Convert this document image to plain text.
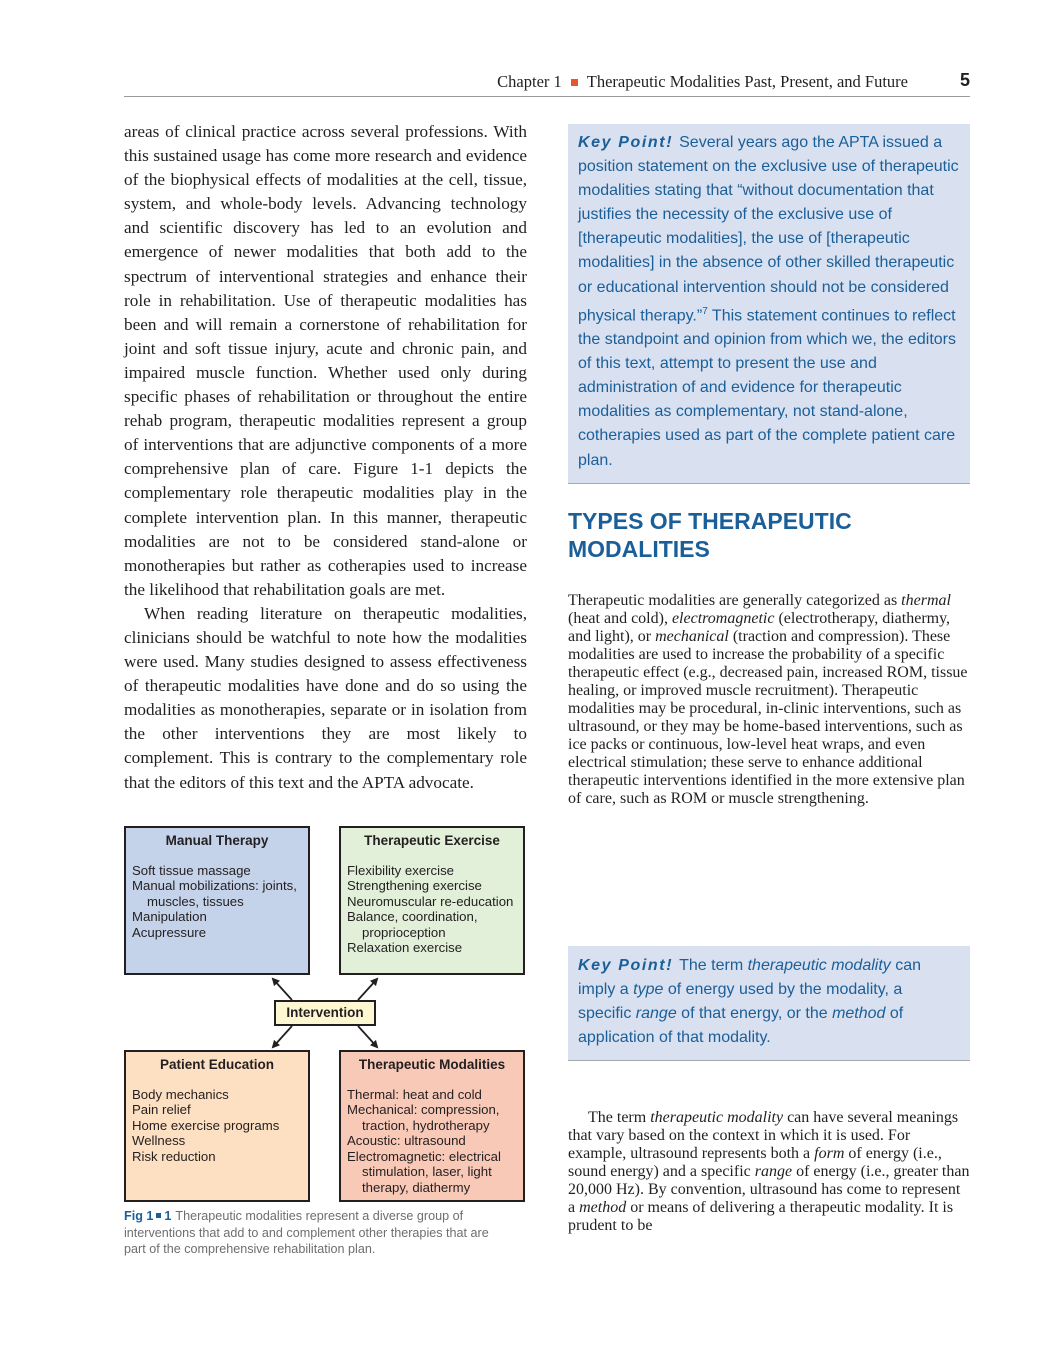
Chapter 1 Therapeutic Modalities Past, Present, and Future	5

areas of clinical practice across several professions. With this sustained usage has come more research and evidence of the biophysical effects of modalities at the cell, tissue, system, and whole-body levels. Advancing technology and scientific discovery has led to an evolution and emergence of newer modalities that both add to the spectrum of interventional strategies and enhance their role in rehabilitation. Use of therapeutic modalities has been and will remain a cornerstone of rehabilitation for joint and soft tissue injury, acute and chronic pain, and impaired muscle function. Whether used only during specific phases of rehabilitation or throughout the entire rehab program, therapeutic modalities represent a group of interventions that are adjunctive components of a more comprehensive plan of care. Figure 1-1 depicts the complementary role therapeutic modalities play in the complete intervention plan. In this manner, therapeutic modalities are not to be considered stand-alone or monotherapies but rather as cotherapies used to increase the likelihood that rehabilitation goals are met.

When reading literature on therapeutic modalities, clinicians should be watchful to note how the modalities were used. Many studies designed to assess effectiveness of therapeutic modalities have done and do so using the modalities as monotherapies, separate or in isolation from the other interventions they are most likely to complement. This is contrary to the complementary role that the editors of this text and the APTA advocate.

Manual Therapy
Soft tissue massage
Manual mobilizations: joints,
muscles, tissues
Manipulation
Acupressure
Therapeutic Exercise
Flexibility exercise
Strengthening exercise
Neuromuscular re-education
Balance, coordination,
proprioception
Relaxation exercise
Intervention
Patient Education
Body mechanics
Pain relief
Home exercise programs
Wellness
Risk reduction
Therapeutic Modalities
Thermal: heat and cold
Mechanical: compression,
traction, hydrotherapy
Acoustic: ultrasound
Electromagnetic: electrical
stimulation, laser, light
therapy, diathermy
Fig 1 1 Therapeutic modalities represent a diverse group of interventions that add to and complement other therapies that are part of the comprehensive rehabilitation plan.
Key Point! Several years ago the APTA issued a position statement on the exclusive use of therapeutic modalities stating that “without documentation that justifies the necessity of the exclusive use of [therapeutic modalities], the use of [therapeutic modalities] in the absence of other skilled therapeutic or educational intervention should not be considered physical therapy.”$^7$ This statement continues to reflect the standpoint and opinion from which we, the editors of this text, attempt to present the use and administration of and evidence for therapeutic modalities as complementary, not stand-alone, cotherapies used as part of the complete patient care plan.
TYPES OF THERAPEUTIC MODALITIES

Therapeutic modalities are generally categorized as thermal (heat and cold), electromagnetic (electrotherapy, diathermy, and light), or mechanical (traction and compression). These modalities are used to increase the probability of a specific therapeutic effect (e.g., decreased pain, increased ROM, tissue healing, or improved muscle recruitment). Therapeutic modalities may be procedural, in-clinic interventions, such as ultrasound, or they may be home-based interventions, such as ice packs or continuous, low-level heat wraps, and even electrical stimulation; these serve to enhance additional therapeutic interventions identified in the more extensive plan of care, such as ROM or muscle strengthening.

Key Point! The term therapeutic modality can imply a type of energy used by the modality, a specific range of that energy, or the method of application of that modality.

The term therapeutic modality can have several meanings that vary based on the context in which it is used. For example, ultrasound represents both a form of energy (i.e., sound energy) and a specific range of energy (i.e., greater than 20,000 Hz). By convention, ultrasound has come to represent a method or means of delivering a therapeutic modality. It is prudent to be
